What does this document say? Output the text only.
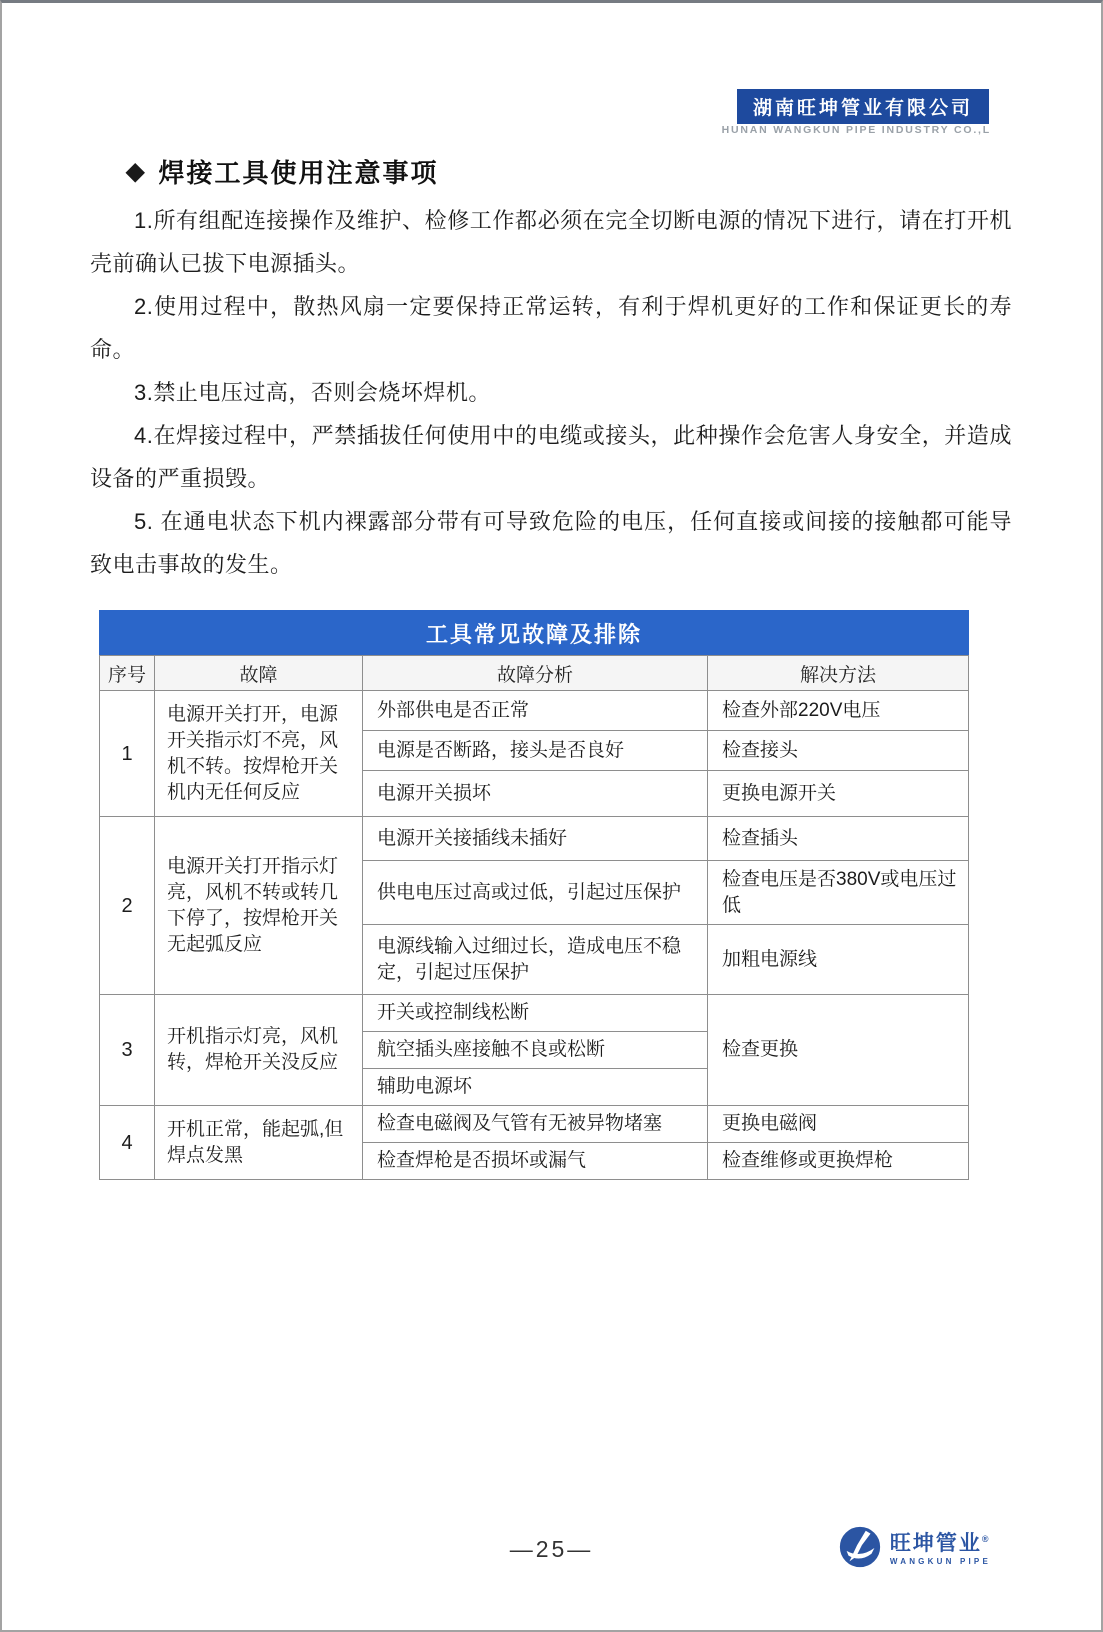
湖南旺坤管业有限公司
HUNAN WANGKUN PIPE INDUSTRY CO.,L
◆ 焊接工具使用注意事项

1.所有组配连接操作及维护、检修工作都必须在完全切断电源的情况下进行，请在打开机壳前确认已拔下电源插头。

2.使用过程中，散热风扇一定要保持正常运转，有利于焊机更好的工作和保证更长的寿命。

3.禁止电压过高，否则会烧坏焊机。

4.在焊接过程中，严禁插拔任何使用中的电缆或接头，此种操作会危害人身安全，并造成设备的严重损毁。

5. 在通电状态下机内裸露部分带有可导致危险的电压，任何直接或间接的接触都可能导致电击事故的发生。

工具常见故障及排除			
序号	故障	故障分析	解决方法
1	电源开关打开，电源开关指示灯不亮，风机不转。按焊枪开关机内无任何反应	外部供电是否正常	检查外部220V电压
		电源是否断路，接头是否良好	检查接头
		电源开关损坏	更换电源开关
2	电源开关打开指示灯亮，风机不转或转几下停了，按焊枪开关无起弧反应	电源开关接插线未插好	检查插头
		供电电压过高或过低，引起过压保护	检查电压是否380V或电压过低
		电源线输入过细过长，造成电压不稳定，引起过压保护	加粗电源线
3	开机指示灯亮，风机转，焊枪开关没反应	开关或控制线松断	检查更换
		航空插头座接触不良或松断	
		辅助电源坏	
4	开机正常，能起弧,但焊点发黑	检查电磁阀及气管有无被异物堵塞	更换电磁阀
		检查焊枪是否损坏或漏气	检查维修或更换焊枪
—25—	旺坤管业®
WANGKUN PIPE
